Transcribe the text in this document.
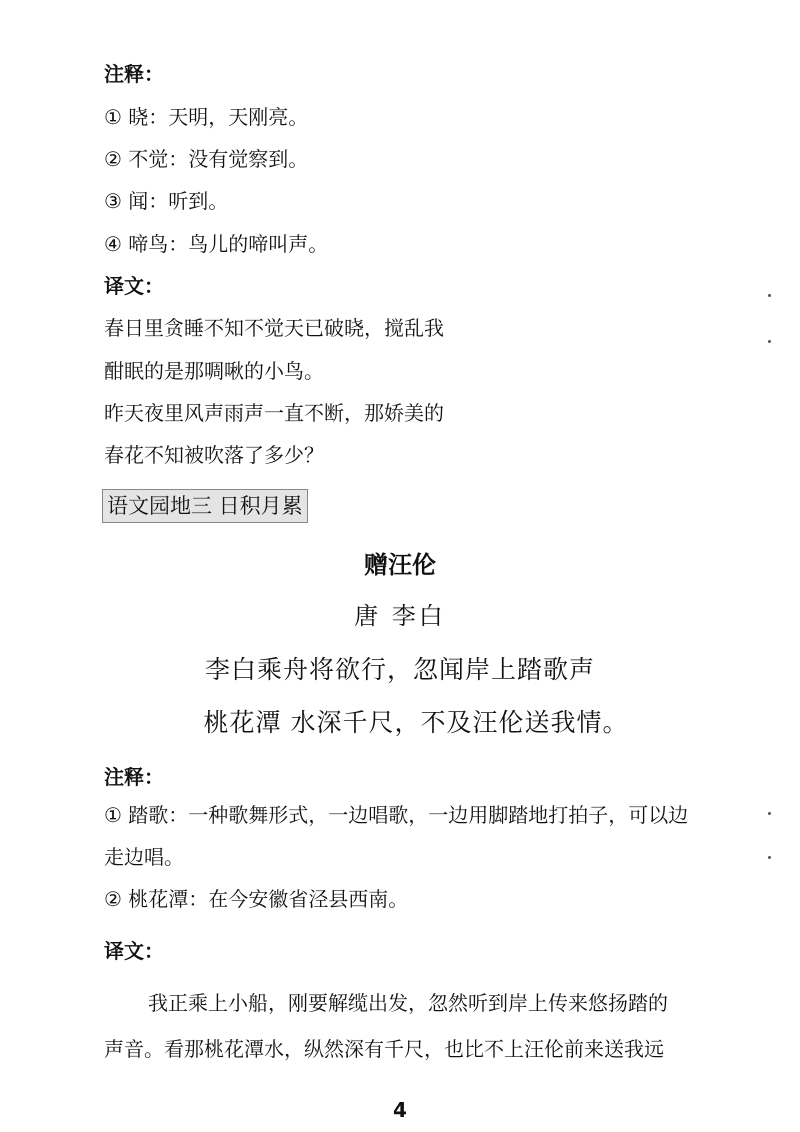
注释：
① 晓：天明，天刚亮。
② 不觉：没有觉察到。
③ 闻：听到。
④ 啼鸟：鸟儿的啼叫声。
译文：
春日里贪睡不知不觉天已破晓，搅乱我
酣眠的是那啁啾的小鸟。
昨天夜里风声雨声一直不断，那娇美的
春花不知被吹落了多少？
语文园地三 日积月累
赠汪伦
唐 李白
李白乘舟将欲行，忽闻岸上踏歌声
桃花潭 水深千尺，不及汪伦送我情。
注释：
① 踏歌：一种歌舞形式，一边唱歌，一边用脚踏地打拍子，可以边
走边唱。
② 桃花潭：在今安徽省泾县西南。
译文：
我正乘上小船，刚要解缆出发，忽然听到岸上传来悠扬踏的
声音。看那桃花潭水，纵然深有千尺，也比不上汪伦前来送我远
4
